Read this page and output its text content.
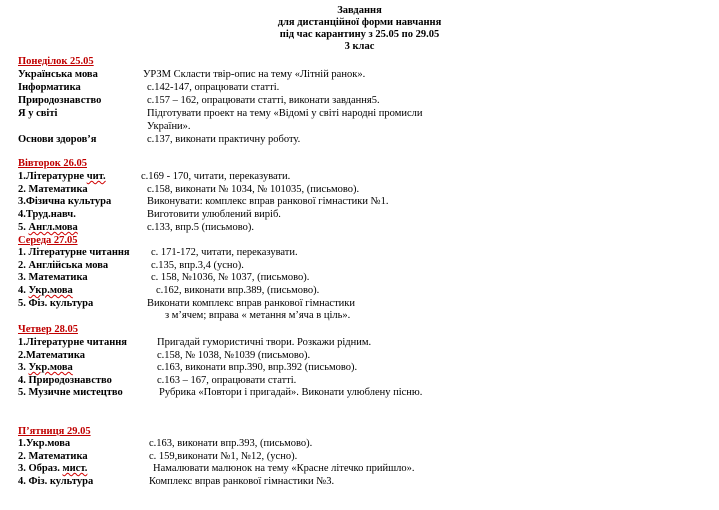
Завдання
для дистанційної форми навчання
під час карантину з 25.05 по 29.05
3 клас
Понеділок 25.05
Українська мова	УРЗМ Скласти твір-опис на тему «Літній ранок».
Інформатика	с.142-147, опрацювати статті.
Природознавство	с.157 – 162, опрацювати статті, виконати завдання5.
Я у світі	Підготувати проект на тему «Відомі у світі народні промисли
України».
Основи здоров’я	с.137, виконати практичну роботу.
Вівторок 26.05
1.Літературне чит.	с.169 - 170, читати, переказувати.
2. Математика	с.158, виконати № 1034, № 101035, (письмово).
3.Фізична культура	Виконувати: комплекс вправ ранкової гімнастики №1.
4.Труд.навч.	Виготовити улюблений виріб.
5. Англ.мова	с.133, впр.5 (письмово).
Середа 27.05
1. Літературне читання с. 171-172, читати, переказувати.
2. Англійська мова	с.135, впр.3,4 (усно).
3. Математика	с. 158, №1036, № 1037, (письмово).
4. Укр.мова	с.162, виконати впр.389, (письмово).
5. Фіз. культура	Виконати комплекс вправ ранкової гімнастики
з м’ячем; вправа « метання м’яча в ціль».
Четвер 28.05
1.Літературне читання	Пригадай гумористичні твори. Розкажи рідним.
2.Математика	с.158, № 1038, №1039 (письмово).
3. Укр.мова	с.163, виконати впр.390, впр.392 (письмово).
4. Природознавство	с.163 – 167, опрацювати статті.
5. Музичне мистецтво	Рубрика «Повтори і пригадай». Виконати улюблену пісню.
П’ятниця 29.05
1.Укр.мова	с.163, виконати впр.393, (письмово).
2. Математика	с. 159,виконати №1, №12, (усно).
3. Образ. мист.	Намалювати малюнок на тему «Красне літечко прийшло».
4. Фіз. культура	Комплекс вправ ранкової гімнастики №3.
